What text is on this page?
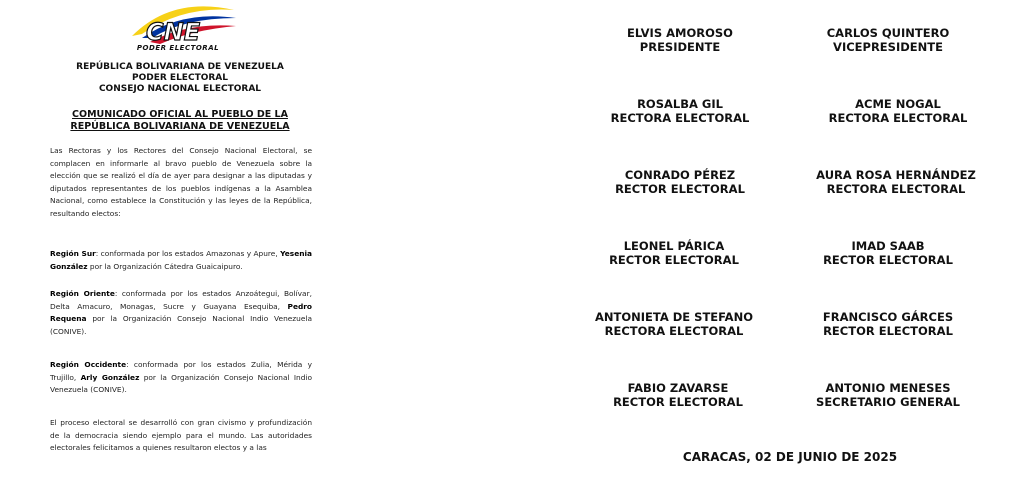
CNE
PODER ELECTORAL
REPÚBLICA BOLIVARIANA DE VENEZUELA
PODER ELECTORAL
CONSEJO NACIONAL ELECTORAL
COMUNICADO OFICIAL AL PUEBLO DE LA
REPÚBLICA BOLIVARIANA DE VENEZUELA
Las Rectoras y los Rectores del Consejo Nacional Electoral, se complacen en informarle al bravo pueblo de Venezuela sobre la elección que se realizó el día de ayer para designar a las diputadas y diputados representantes de los pueblos indígenas a la Asamblea Nacional, como establece la Constitución y las leyes de la República, resultando electos:
Región Sur: conformada por los estados Amazonas y Apure, Yesenia González por la Organización Cátedra Guaicaipuro.
Región Oriente: conformada por los estados Anzoátegui, Bolívar, Delta Amacuro, Monagas, Sucre y Guayana Esequiba, Pedro Requena por la Organización Consejo Nacional Indio Venezuela (CONIVE).
Región Occidente: conformada por los estados Zulia, Mérida y Trujillo, Arly González por la Organización Consejo Nacional Indio Venezuela (CONIVE).
El proceso electoral se desarrolló con gran civismo y profundización de la democracia siendo ejemplo para el mundo. Las autoridades electorales felicitamos a quienes resultaron electos y a las
ELVIS AMOROSO
PRESIDENTE
CARLOS QUINTERO
VICEPRESIDENTE
ROSALBA GIL
RECTORA ELECTORAL
ACME NOGAL
RECTORA ELECTORAL
CONRADO PÉREZ
RECTOR ELECTORAL
AURA ROSA HERNÁNDEZ
RECTORA ELECTORAL
LEONEL PÁRICA
RECTOR ELECTORAL
IMAD SAAB
RECTOR ELECTORAL
ANTONIETA DE STEFANO
RECTORA ELECTORAL
FRANCISCO GÁRCES
RECTOR ELECTORAL
FABIO ZAVARSE
RECTOR ELECTORAL
ANTONIO MENESES
SECRETARIO GENERAL
CARACAS, 02 DE JUNIO DE 2025
